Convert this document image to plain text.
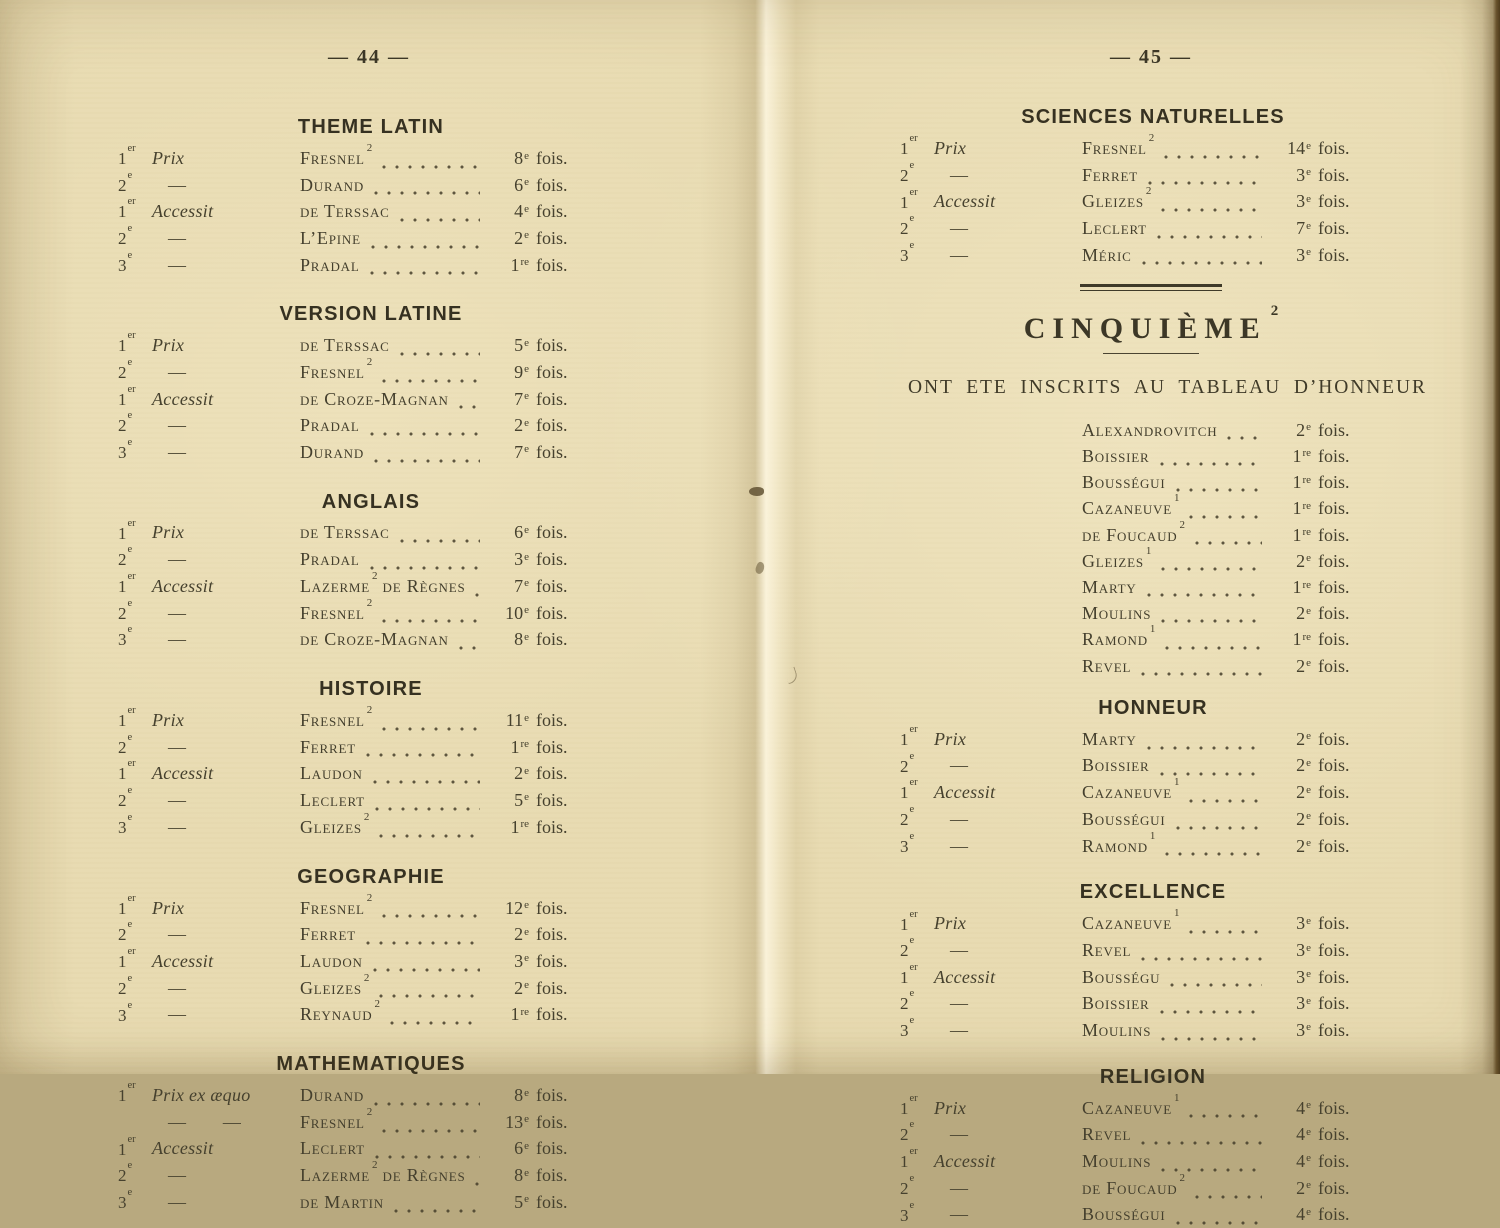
— 44 —
THEME LATIN
1er Prix	Fresnel $^2$	8e fois.
2e	—	Durand	6e fois.
1er Accessit	de Terssac	4e fois.
2e	—	L’Epine	2e fois.
3e	—	Pradal	1re fois.
VERSION LATINE
1er Prix	de Terssac	5e fois.
2e	—	Fresnel $^2$	9e fois.
1er Accessit	de Croze-Magnan	7e fois.
2e	—	Pradal	2e fois.
3e	—	Durand	7e fois.
ANGLAIS
1er Prix	de Terssac	6e fois.
2e	—	Pradal	3e fois.
1er Accessit	Lazerme $^2$ de Règnes	7e fois.
2e	—	Fresnel $^2$	10e fois.
3e	—	de Croze-Magnan	8e fois.
HISTOIRE
1er Prix	Fresnel $^2$	11e fois.
2e	—	Ferret	1re fois.
1er Accessit	Laudon	2e fois.
2e	—	Leclert	5e fois.
3e	—	Gleizes $^2$	1re fois.
GEOGRAPHIE
1er Prix	Fresnel $^2$	12e fois.
2e	—	Ferret	2e fois.
1er Accessit	Laudon	3e fois.
2e	—	Gleizes $^2$	2e fois.
3e	—	Reynaud $^2$	1re fois.
MATHEMATIQUES
1er Prix ex æquo	Durand	8e fois.
—  —	Fresnel $^2$	13e fois.
1er Accessit	Leclert	6e fois.
2e	—	Lazerme $^2$ de Règnes	8e fois.
3e	—	de Martin	5e fois.
— 45 —
SCIENCES NATURELLES
1er Prix	Fresnel $^2$	14e fois.
2e	—	Ferret	3e fois.
1er Accessit	Gleizes $^2$	3e fois.
2e	—	Leclert	7e fois.
3e	—	Méric	3e fois.
CINQUIÈME$^2$
ONT ETE INSCRITS AU TABLEAU D’HONNEUR
Alexandrovitch	2e fois.
Boissier	1re fois.
Bousségui	1re fois.
Cazaneuve $^1$	1re fois.
de Foucaud $^2$	1re fois.
Gleizes $^1$	2e fois.
Marty	1re fois.
Moulins	2e fois.
Ramond $^1$	1re fois.
Revel	2e fois.
HONNEUR
1er Prix	Marty	2e fois.
2e	—	Boissier	2e fois.
1er Accessit	Cazaneuve $^1$	2e fois.
2e	—	Bousségui	2e fois.
3e	—	Ramond $^1$	2e fois.
EXCELLENCE
1er Prix	Cazaneuve $^1$	3e fois.
2e	—	Revel	3e fois.
1er Accessit	Bousségu	3e fois.
2e	—	Boissier	3e fois.
3e	—	Moulins	3e fois.
RELIGION
1er Prix	Cazaneuve $^1$	4e fois.
2e	—	Revel	4e fois.
1er Accessit	Moulins	4e fois.
2e	—	de Foucaud $^2$	2e fois.
3e	—	Bousségui	4e fois.
